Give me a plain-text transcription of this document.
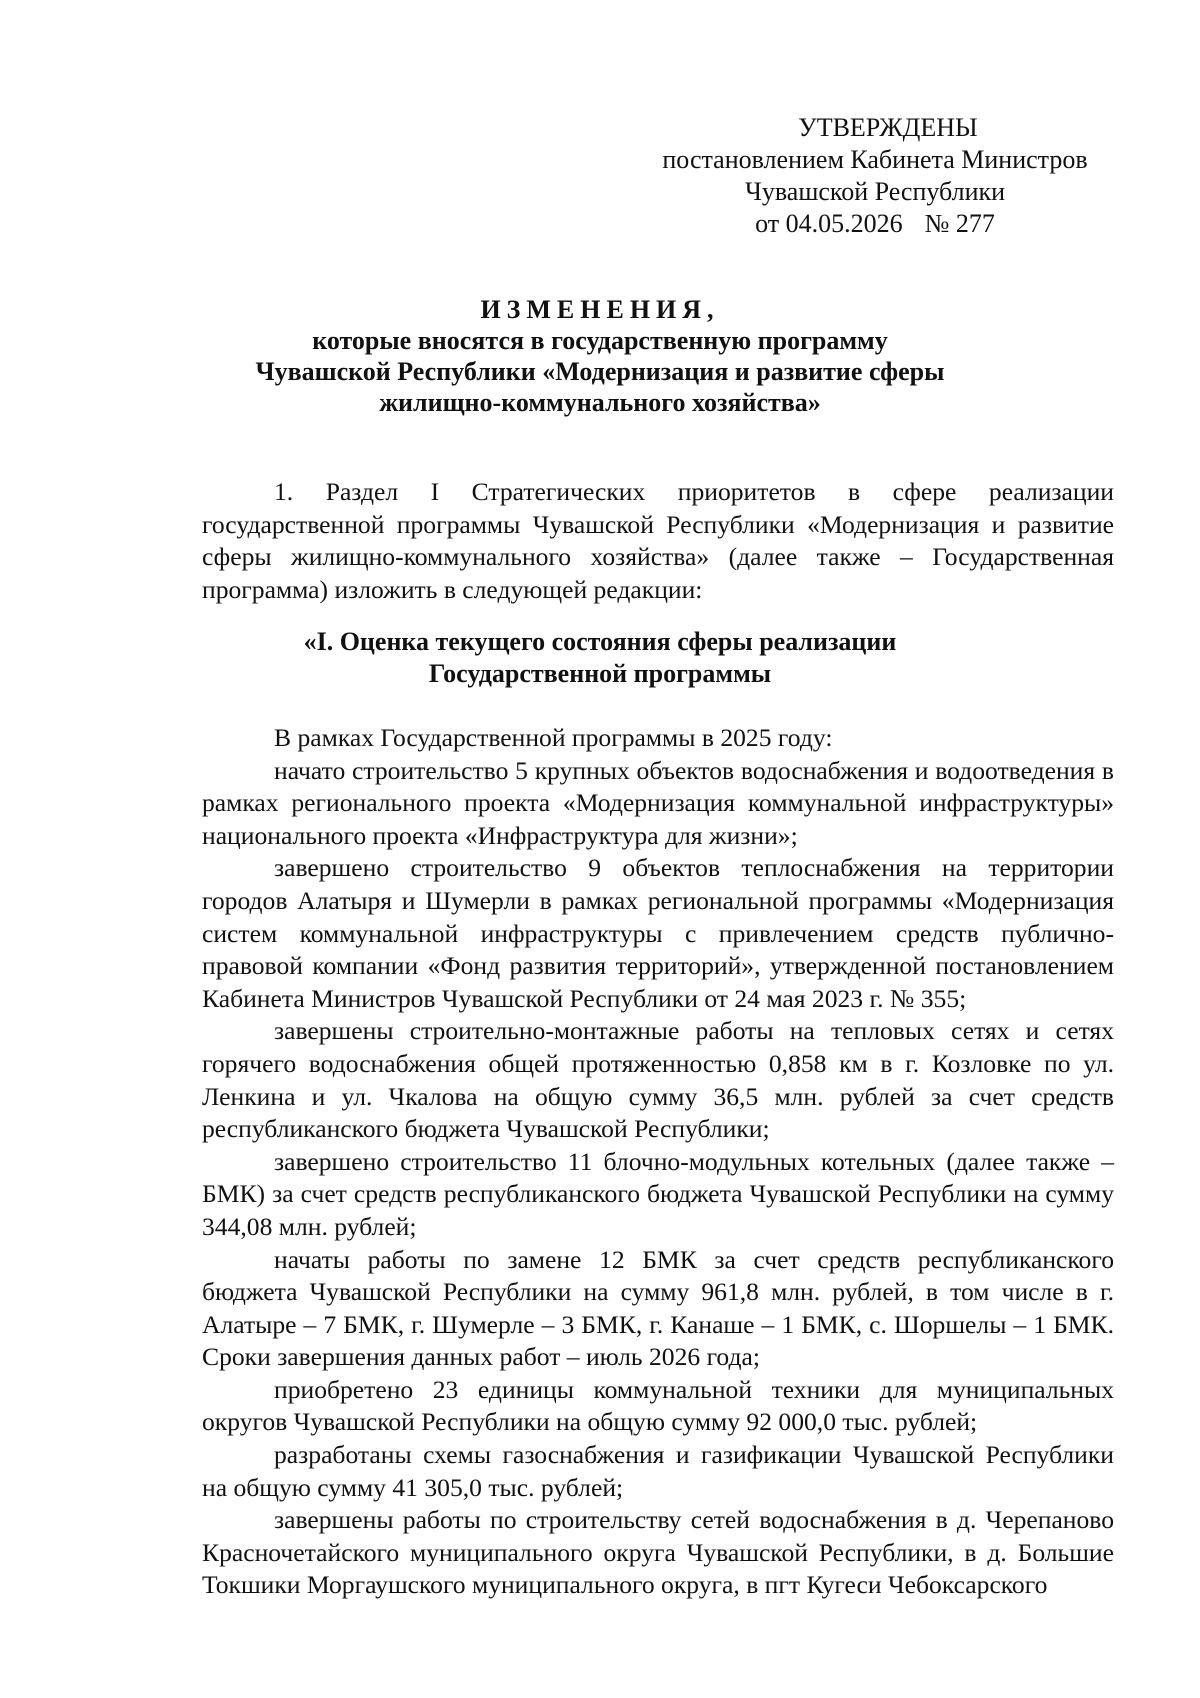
УТВЕРЖДЕНЫ
постановлением Кабинета Министров
Чувашской Республики
от 04.05.2026 № 277
ИЗМЕНЕНИЯ,
которые вносятся в государственную программу
Чувашской Республики «Модернизация и развитие сферы
жилищно-коммунального хозяйства»

1. Раздел I Стратегических приоритетов в сфере реализации государственной программы Чувашской Республики «Модернизация и развитие сферы жилищно-коммунального хозяйства» (далее также – Государственная программа) изложить в следующей редакции:

«I. Оценка текущего состояния сферы реализации
Государственной программы

В рамках Государственной программы в 2025 году:

начато строительство 5 крупных объектов водоснабжения и водоотведения в рамках регионального проекта «Модернизация коммунальной инфраструктуры» национального проекта «Инфраструктура для жизни»;

завершено строительство 9 объектов теплоснабжения на территории городов Алатыря и Шумерли в рамках региональной программы «Модернизация систем коммунальной инфраструктуры с привлечением средств публично-правовой компании «Фонд развития территорий», утвержденной постановлением Кабинета Министров Чувашской Республики от 24 мая 2023 г. № 355;

завершены строительно-монтажные работы на тепловых сетях и сетях горячего водоснабжения общей протяженностью 0,858 км в г. Козловке по ул. Ленкина и ул. Чкалова на общую сумму 36,5 млн. рублей за счет средств республиканского бюджета Чувашской Республики;

завершено строительство 11 блочно-модульных котельных (далее также – БМК) за счет средств республиканского бюджета Чувашской Республики на сумму 344,08 млн. рублей;

начаты работы по замене 12 БМК за счет средств республиканского бюджета Чувашской Республики на сумму 961,8 млн. рублей, в том числе в г. Алатыре – 7 БМК, г. Шумерле – 3 БМК, г. Канаше – 1 БМК, с. Шоршелы – 1 БМК. Сроки завершения данных работ – июль 2026 года;

приобретено 23 единицы коммунальной техники для муниципальных округов Чувашской Республики на общую сумму 92 000,0 тыс. рублей;

разработаны схемы газоснабжения и газификации Чувашской Республики на общую сумму 41 305,0 тыс. рублей;

завершены работы по строительству сетей водоснабжения в д. Черепаново Красночетайского муниципального округа Чувашской Республики, в д. Большие Токшики Моргаушского муниципального округа, в пгт Кугеси Чебоксарского
